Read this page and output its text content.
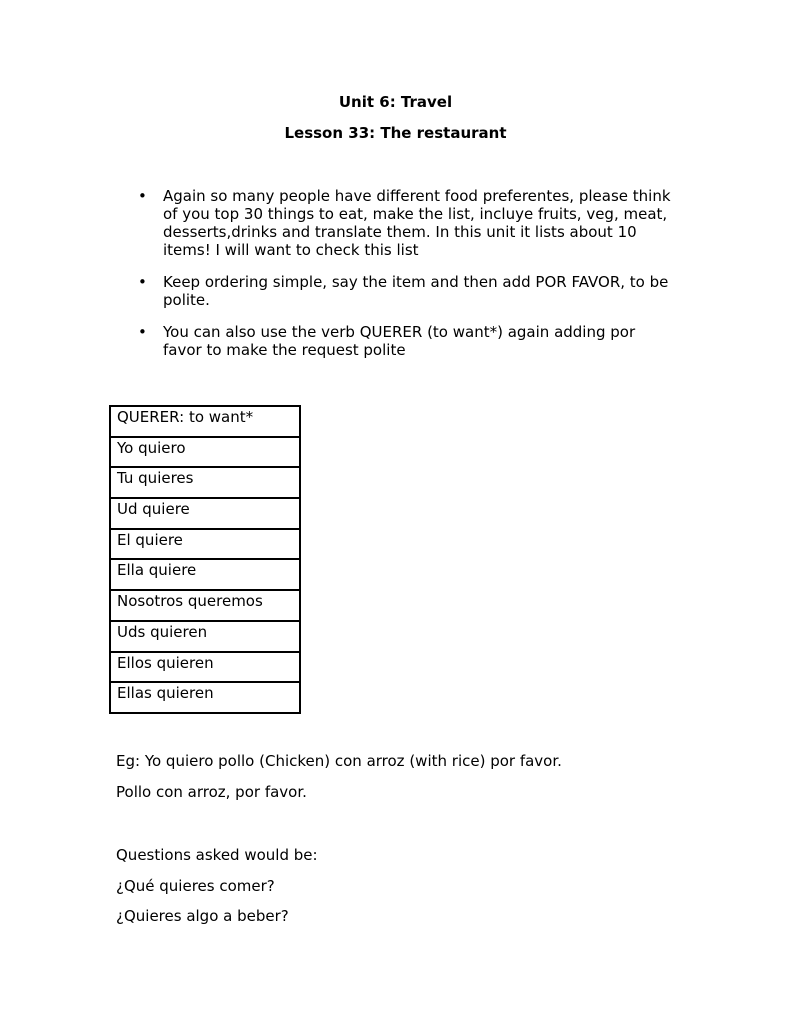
Unit 6: Travel
Lesson 33: The restaurant
• Again so many people have different food preferentes, please think of you top 30 things to eat, make the list, incluye fruits, veg, meat, desserts,drinks and translate them. In this unit it lists about 10 items! I will want to check this list
• Keep ordering simple, say the item and then add POR FAVOR, to be polite.
• You can also use the verb QUERER (to want*) again adding por favor to make the request polite
QUERER: to want*
Yo quiero
Tu quieres
Ud quiere
El quiere
Ella quiere
Nosotros queremos
Uds quieren
Ellos quieren
Ellas quieren

Eg: Yo quiero pollo (Chicken) con arroz (with rice) por favor.

Pollo con arroz, por favor.

Questions asked would be:

¿Qué quieres comer?

¿Quieres algo a beber?
